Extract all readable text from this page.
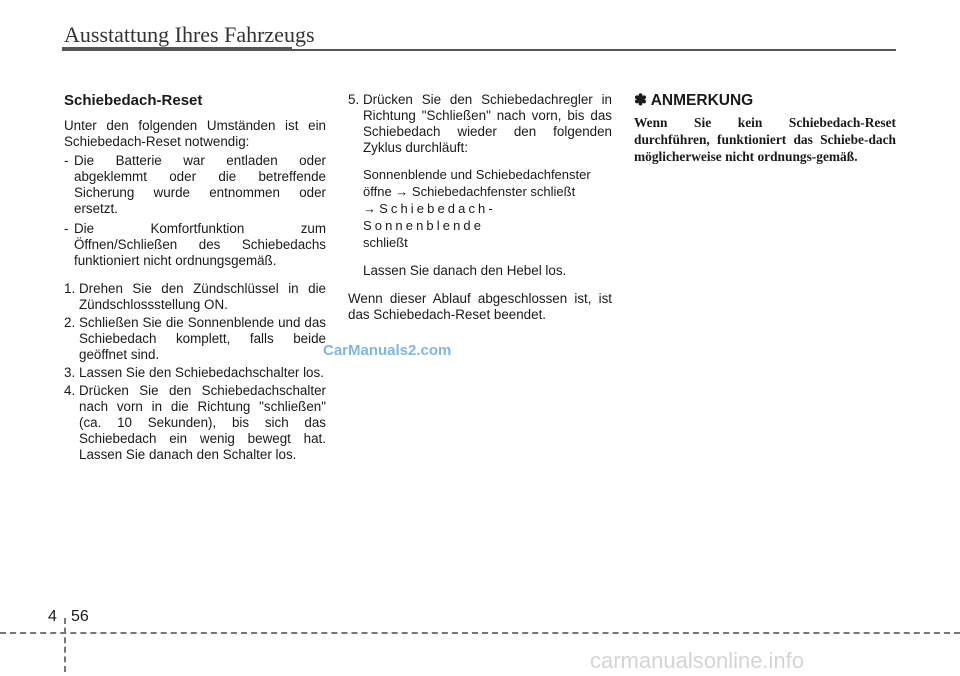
Ausstattung Ihres Fahrzeugs
Schiebedach-Reset

Unter den folgenden Umständen ist ein Schiebedach-Reset notwendig:

- Die Batterie war entladen oder abgeklemmt oder die betreffende Sicherung wurde entnommen oder ersetzt.
- Die Komfortfunktion zum Öffnen/Schließen des Schiebedachs funktioniert nicht ordnungsgemäß.
1. Drehen Sie den Zündschlüssel in die Zündschlossstellung ON.
2. Schließen Sie die Sonnenblende und das Schiebedach komplett, falls beide geöffnet sind.
3. Lassen Sie den Schiebedachschalter los.
4. Drücken Sie den Schiebedachschalter nach vorn in die Richtung "schließen" (ca. 10 Sekunden), bis sich das Schiebedach ein wenig bewegt hat. Lassen Sie danach den Schalter los.
5. Drücken Sie den Schiebedachregler in Richtung "Schließen" nach vorn, bis das Schiebedach wieder den folgenden Zyklus durchläuft:
Sonnenblende und Schiebedachfenster
öffne → Schiebedachfenster schließt
→Schiebedach-Sonnenblende
schließt

Lassen Sie danach den Hebel los.

Wenn dieser Ablauf abgeschlossen ist, ist das Schiebedach-Reset beendet.

✽ ANMERKUNG
Wenn Sie kein Schiebedach-Reset durchführen, funktioniert das Schiebe-dach möglicherweise nicht ordnungs-gemäß.
CarManuals2.com
4 56
carmanualsonline.info
